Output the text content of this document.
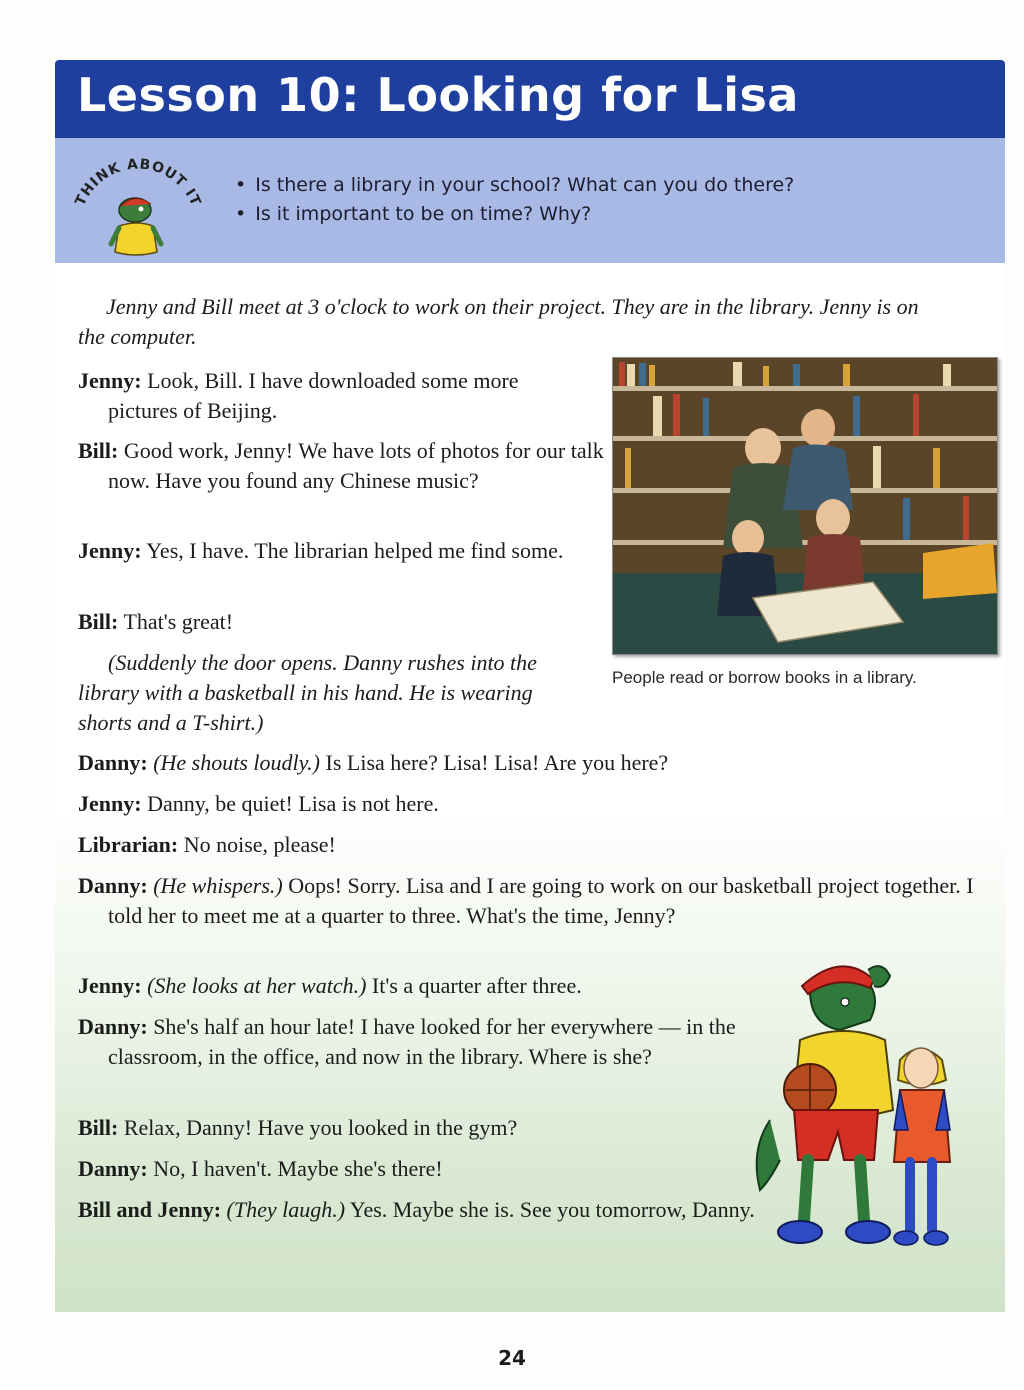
Lesson 10: Looking for Lisa
THINK ABOUT IT
• Is there a library in your school? What can you do there?
• Is it important to be on time? Why?

Jenny and Bill meet at 3 o'clock to work on their project. They are in the library. Jenny is on the computer.

Jenny: Look, Bill. I have downloaded some more pictures of Beijing.

Bill: Good work, Jenny! We have lots of photos for our talk now. Have you found any Chinese music?

Jenny: Yes, I have. The librarian helped me find some.

Bill: That's great!

(Suddenly the door opens. Danny rushes into the library with a basketball in his hand. He is wearing shorts and a T-shirt.)

Danny: (He shouts loudly.) Is Lisa here? Lisa! Lisa! Are you here?

Jenny: Danny, be quiet! Lisa is not here.

Librarian: No noise, please!

Danny: (He whispers.) Oops! Sorry. Lisa and I are going to work on our basketball project together. I told her to meet me at a quarter to three. What's the time, Jenny?

Jenny: (She looks at her watch.) It's a quarter after three.

Danny: She's half an hour late! I have looked for her everywhere — in the classroom, in the office, and now in the library. Where is she?

Bill: Relax, Danny! Have you looked in the gym?

Danny: No, I haven't. Maybe she's there!

Bill and Jenny: (They laugh.) Yes. Maybe she is. See you tomorrow, Danny.

People read or borrow books in a library.
24
